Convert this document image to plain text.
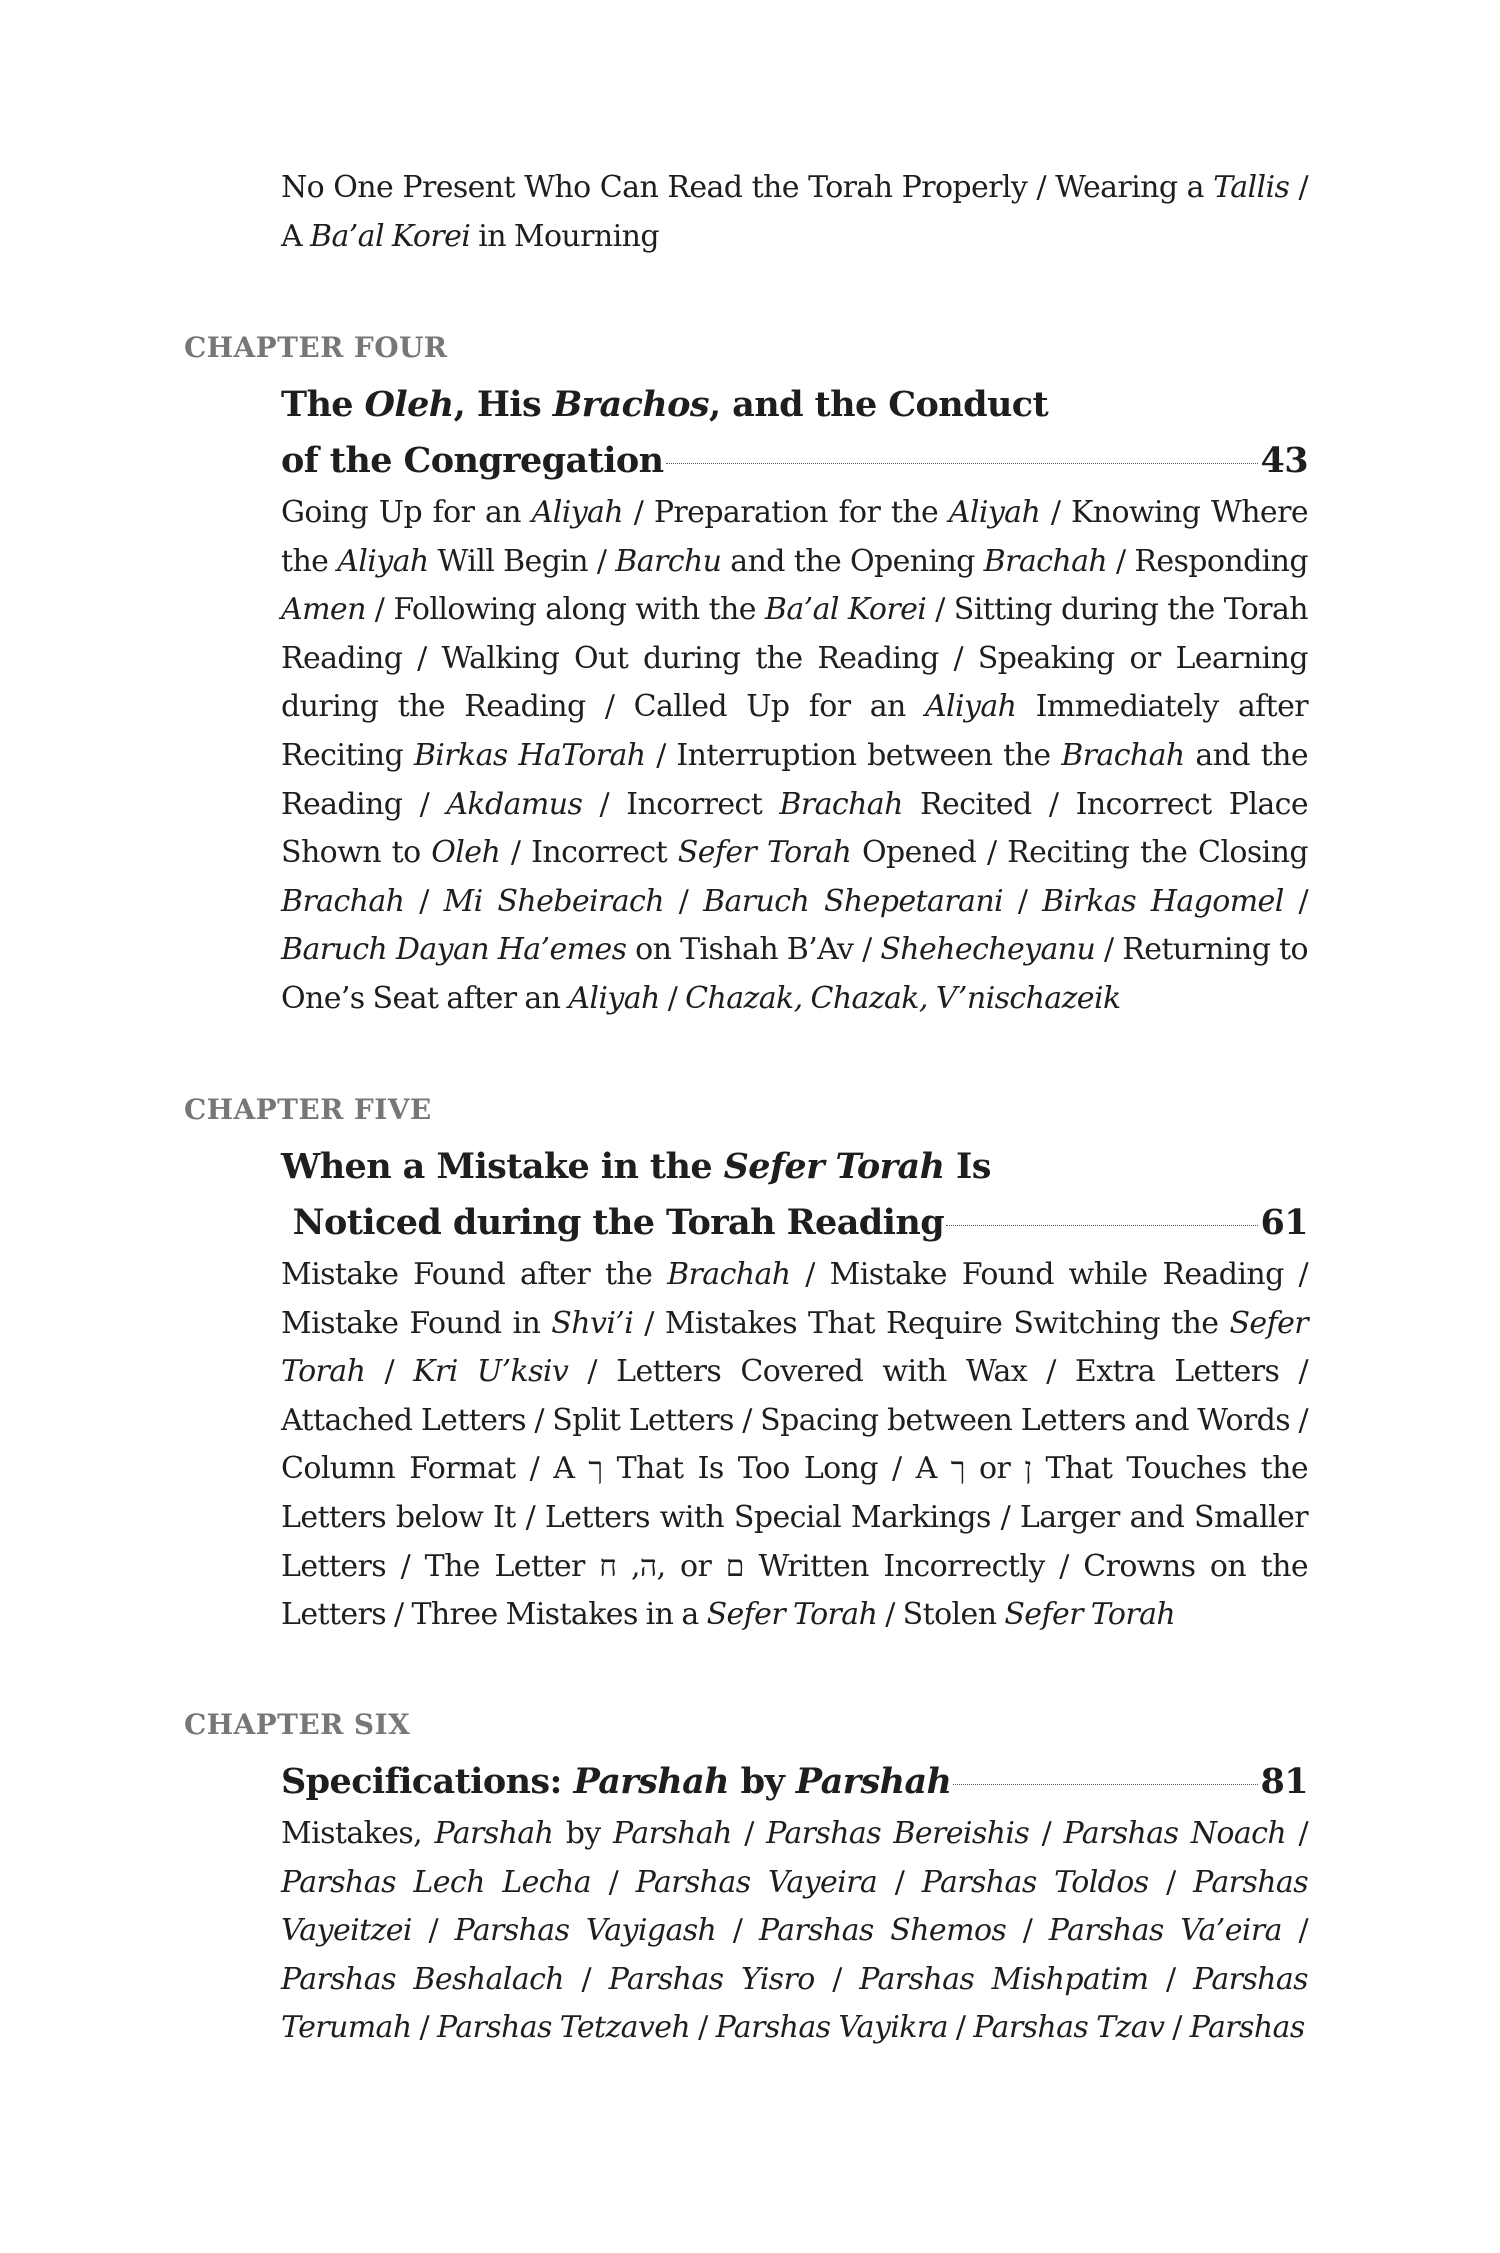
No One Present Who Can Read the Torah Properly / Wearing a Tallis / A Ba’al Korei in Mourning
CHAPTER FOUR
The Oleh, His Brachos, and the Conduct
of the Congregation	43
Going Up for an Aliyah / Preparation for the Aliyah / Knowing Where the Aliyah Will Begin / Barchu and the Opening Brachah / Responding Amen / Following along with the Ba’al Korei / Sitting during the Torah Reading / Walking Out during the Reading / Speaking or Learning during the Reading / Called Up for an Aliyah Immediately after Reciting Birkas HaTorah / Interruption between the Brachah and the Reading / Akdamus / Incorrect Brachah Recited / Incorrect Place Shown to Oleh / Incorrect Sefer Torah Opened / Reciting the Closing Brachah / Mi Shebeirach / Baruch Shepetarani / Birkas Hagomel / Baruch Dayan Ha’emes on Tishah B’Av / Shehecheyanu / Returning to One’s Seat after an Aliyah / Chazak, Chazak, V’nischazeik
CHAPTER FIVE
When a Mistake in the Sefer Torah Is
Noticed during the Torah Reading	61
Mistake Found after the Brachah / Mistake Found while Reading / Mistake Found in Shvi’i / Mistakes That Require Switching the Sefer Torah / Kri U’ksiv / Letters Covered with Wax / Extra Letters / Attached Letters / Split Letters / Spacing between Letters and Words / Column Format / A ך That Is Too Long / A ך or ן That Touches the Letters below It / Letters with Special Markings / Larger and Smaller Letters / The Letter ה, ח, or ם Written Incorrectly / Crowns on the Letters / Three Mistakes in a Sefer Torah / Stolen Sefer Torah
CHAPTER SIX
Specifications: Parshah by Parshah	81
Mistakes, Parshah by Parshah / Parshas Bereishis / Parshas Noach / Parshas Lech Lecha / Parshas Vayeira / Parshas Toldos / Parshas Vayeitzei / Parshas Vayigash / Parshas Shemos / Parshas Va’eira / Parshas Beshalach / Parshas Yisro / Parshas Mishpatim / Parshas Terumah / Parshas Tetzaveh / Parshas Vayikra / Parshas Tzav / Parshas
